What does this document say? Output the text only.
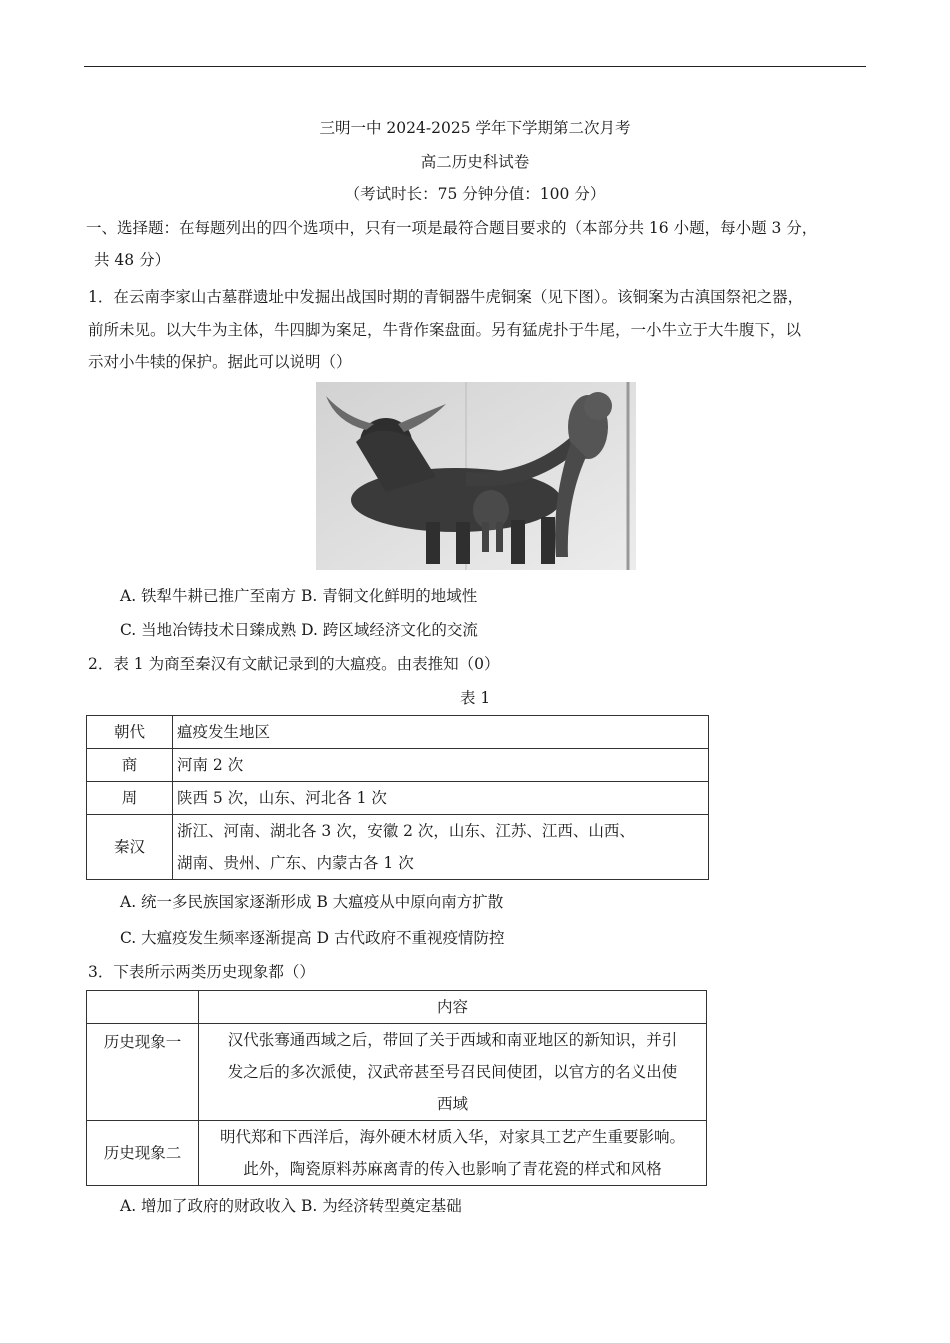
三明一中 2024-2025 学年下学期第二次月考
高二历史科试卷
（考试时长：75 分钟分值：100 分）
一、选择题：在每题列出的四个选项中，只有一项是最符合题目要求的（本部分共 16 小题，每小题 3 分，
共 48 分）
1．在云南李家山古墓群遗址中发掘出战国时期的青铜器牛虎铜案（见下图）。该铜案为古滇国祭祀之器，
前所未见。以大牛为主体，牛四脚为案足，牛背作案盘面。另有猛虎扑于牛尾，一小牛立于大牛腹下，以
示对小牛犊的保护。据此可以说明（）
A. 铁犁牛耕已推广至南方 B. 青铜文化鲜明的地域性
C. 当地冶铸技术日臻成熟 D. 跨区域经济文化的交流
2．表 1 为商至秦汉有文献记录到的大瘟疫。由表推知（0）
表 1
朝代	瘟疫发生地区
商	河南 2 次
周	陕西 5 次，山东、河北各 1 次
秦汉	浙江、河南、湖北各 3 次，安徽 2 次，山东、江苏、江西、山西、
湖南、贵州、广东、内蒙古各 1 次
A. 统一多民族国家逐渐形成 B 大瘟疫从中原向南方扩散
C. 大瘟疫发生频率逐渐提高 D 古代政府不重视疫情防控
3．下表所示两类历史现象都（）
	内容
历史现象一	汉代张骞通西域之后，带回了关于西域和南亚地区的新知识，并引
发之后的多次派使，汉武帝甚至号召民间使团，以官方的名义出使
西域

历史现象二	明代郑和下西洋后，海外硬木材质入华，对家具工艺产生重要影响。
此外，陶瓷原料苏麻离青的传入也影响了青花瓷的样式和风格
A. 增加了政府的财政收入 B. 为经济转型奠定基础
